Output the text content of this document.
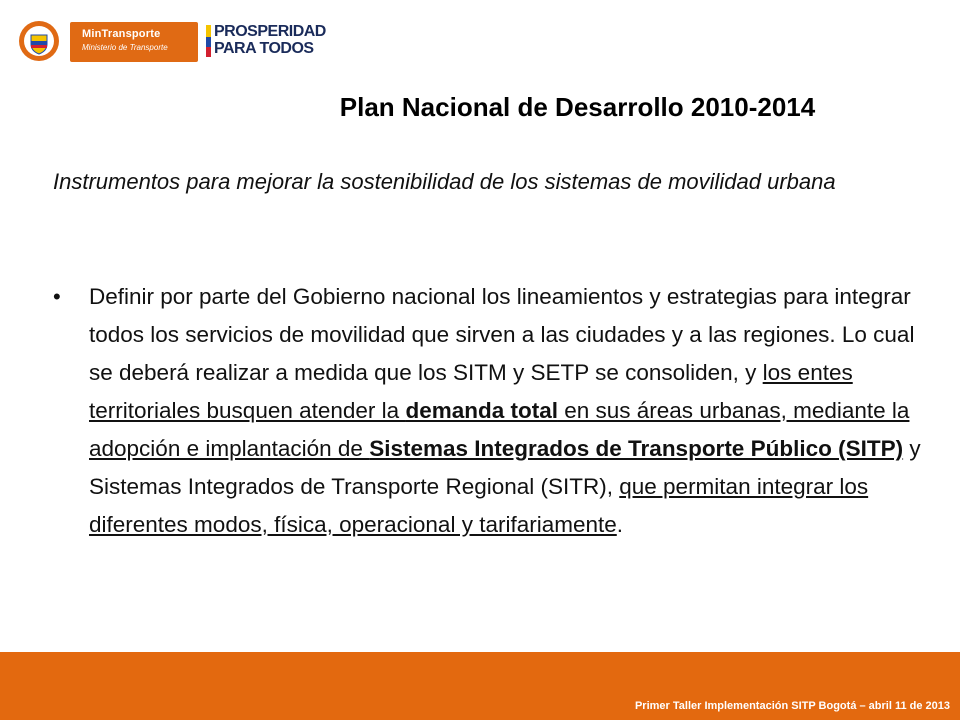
MinTransporte
Ministerio de Transporte
PROSPERIDAD
PARA TODOS
Plan Nacional de Desarrollo 2010-2014
Instrumentos para mejorar la sostenibilidad de los sistemas de movilidad urbana
• Definir por parte del Gobierno nacional los lineamientos y estrategias para integrar todos los servicios de movilidad que sirven a las ciudades y a las regiones. Lo cual se deberá realizar a medida que los SITM y SETP se consoliden, y los entes territoriales busquen atender la demanda total en sus áreas urbanas, mediante la adopción e implantación de Sistemas Integrados de Transporte Público (SITP) y Sistemas Integrados de Transporte Regional (SITR), que permitan integrar los diferentes modos, física, operacional y tarifariamente.
Primer Taller Implementación SITP Bogotá – abril 11 de 2013
